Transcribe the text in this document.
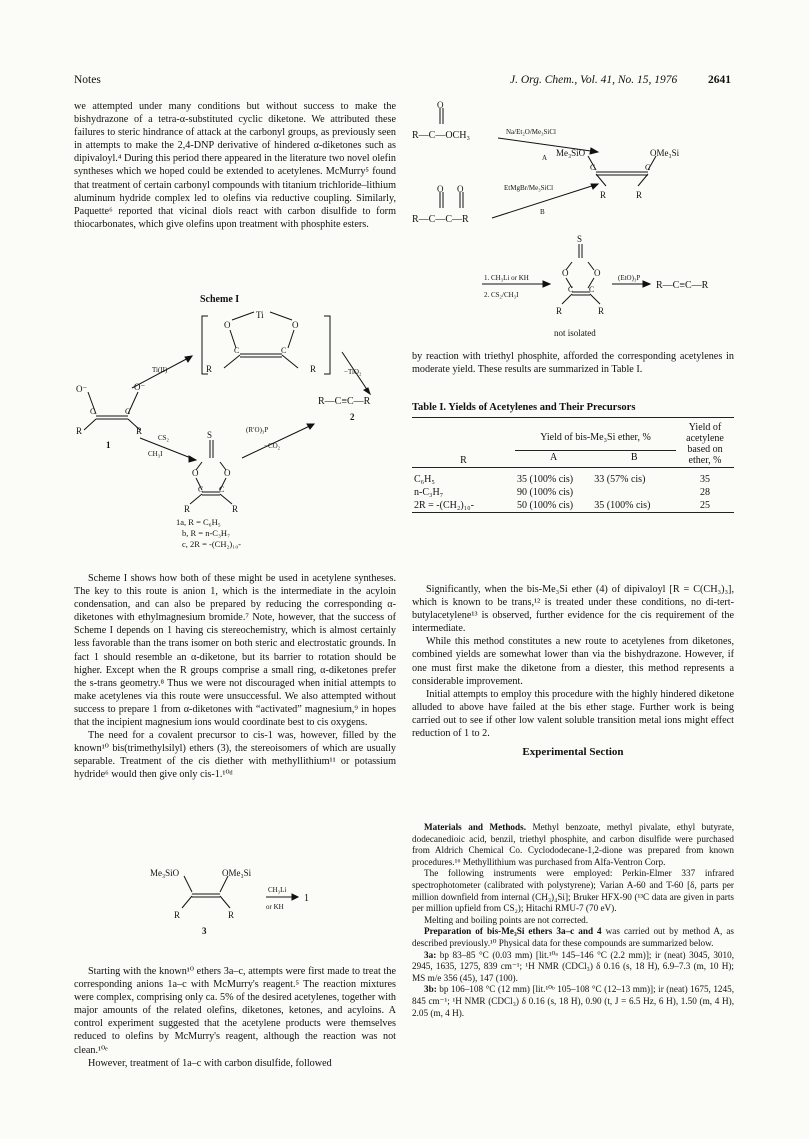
Notes	J. Org. Chem., Vol. 41, No. 15, 1976	2641

we attempted under many conditions but without success to make the bishydrazone of a tetra-α-substituted cyclic diketone. We attributed these failures to steric hindrance of attack at the carbonyl groups, as previously seen in attempts to make the 2,4-DNP derivative of hindered α-diketones such as dipivaloyl.⁴ During this period there appeared in the literature two novel olefin syntheses which we hoped could be extended to acetylenes. McMurry⁵ found that treatment of certain carbonyl compounds with titanium trichloride–lithium aluminum hydride complex led to olefins via reductive coupling. Similarly, Paquette⁶ reported that vicinal diols react with carbon disulfide to form thiocarbonates, which give olefins upon treatment with phosphite esters.

Scheme I
Ti
O	O
C	C
R	R
Ti(II)	−TiO₂
R—C≡C—R
2
O⁻	O⁻
C	C
R	R
1
CS₂
CH₃I
S
O	O
C C
R	R
(R′O)₃P
−CO₂
1a, R = C₆H₅
b, R = n-C₃H₇
c, 2R = -(CH₂)₁₀-

Scheme I shows how both of these might be used in acetylene syntheses. The key to this route is anion 1, which is the intermediate in the acyloin condensation, and can also be prepared by reducing the corresponding α-diketones with ethylmagnesium bromide.⁷ Note, however, that the success of Scheme I depends on 1 having cis stereochemistry, which is almost certainly less favorable than the trans isomer on both steric and electrostatic grounds. In fact 1 should resemble an α-diketone, but its barrier to rotation should be higher. Except when the R groups comprise a small ring, α-diketones prefer the s-trans geometry.⁸ Thus we were not discouraged when initial attempts to make acetylenes via this route were unsuccessful. We also attempted without success to prepare 1 from α-diketones with “activated” magnesium,⁹ in hopes that the incipient magnesium ions would coordinate best to cis oxygens.

The need for a covalent precursor to cis-1 was, however, filled by the known¹⁰ bis(trimethylsilyl) ethers (3), the stereoisomers of which are usually separable. Treatment of the cis diether with methyllithium¹¹ or potassium hydride⁶ would then give only cis-1.¹⁰ᵈ

Me₃SiO	OMe₃Si
R	R
3
CH₃Li
or KH
1

Starting with the known¹⁰ ethers 3a–c, attempts were first made to treat the corresponding anions 1a–c with McMurry's reagent.⁵ The reaction mixtures were complex, comprising only ca. 5% of the desired acetylenes, together with major amounts of the related olefins, diketones, ketones, and acyloins. A control experiment suggested that the acetylene products were themselves reduced to olefins by McMurry's reagent, although the reaction was not clean.¹⁰ᵉ

However, treatment of 1a–c with carbon disulfide, followed

O
R—C—OCH₃	Na/Et₂O/Me₃SiCl
A Me₃SiO	OMe₃Si
C	C
R	R
O O
R—C—C—R
EtMgBr/Me₃SiCl
B
S
O	O
C C
R	R
1. CH₃Li or KH
2. CS₂/CH₃I
(EtO)₃P
R—C≡C—R
not isolated

by reaction with triethyl phosphite, afforded the corresponding acetylenes in moderate yield. These results are summarized in Table I.

Table I. Yields of Acetylenes and Their Precursors
R	Yield of bis-Me₃Si ether, %		Yield of acetylene based on ether, %
	A	B	
C₆H₅	35 (100% cis)	33 (57% cis)	35
n-C₃H₇	90 (100% cis)		28
2R = -(CH₂)₁₀-	50 (100% cis)	35 (100% cis)	25

Significantly, when the bis-Me₃Si ether (4) of dipivaloyl [R = C(CH₃)₃], which is known to be trans,¹² is treated under these conditions, no di-tert-butylacetylene¹³ is observed, further evidence for the cis requirement of the intermediate.

While this method constitutes a new route to acetylenes from diketones, combined yields are somewhat lower than via the bishydrazone. However, if one must first make the diketone from a diester, this method represents a considerable improvement.

Initial attempts to employ this procedure with the highly hindered diketone alluded to above have failed at the bis ether stage. Further work is being carried out to see if other low valent soluble transition metal ions might effect reduction of 1 to 2.

Experimental Section

Materials and Methods. Methyl benzoate, methyl pivalate, ethyl butyrate, dodecanedioic acid, benzil, triethyl phosphite, and carbon disulfide were purchased from Aldrich Chemical Co. Cyclododecane-1,2-dione was prepared from known procedures.¹⁶ Methyllithium was purchased from Alfa-Ventron Corp.

The following instruments were employed: Perkin-Elmer 337 infrared spectrophotometer (calibrated with polystyrene); Varian A-60 and T-60 [δ, parts per million downfield from internal (CH₃)₄Si]; Bruker HFX-90 (¹³C data are given in parts per million upfield from CS₂); Hitachi RMU-7 (70 eV).

Melting and boiling points are not corrected.

Preparation of bis-Me₃Si ethers 3a–c and 4 was carried out by method A, as described previously.¹⁰ Physical data for these compounds are summarized below.

3a: bp 83–85 °C (0.03 mm) [lit.¹⁰ᵃ 145–146 °C (2.2 mm)]; ir (neat) 3045, 3010, 2945, 1635, 1275, 839 cm⁻¹; ¹H NMR (CDCl₃) δ 0.16 (s, 18 H), 6.9–7.3 (m, 10 H); MS m/e 356 (45), 147 (100).

3b: bp 106–108 °C (12 mm) [lit.¹⁰ᵇ 105–108 °C (12–13 mm)]; ir (neat) 1675, 1245, 845 cm⁻¹; ¹H NMR (CDCl₃) δ 0.16 (s, 18 H), 0.90 (t, J = 6.5 Hz, 6 H), 1.50 (m, 4 H), 2.05 (m, 4 H).
